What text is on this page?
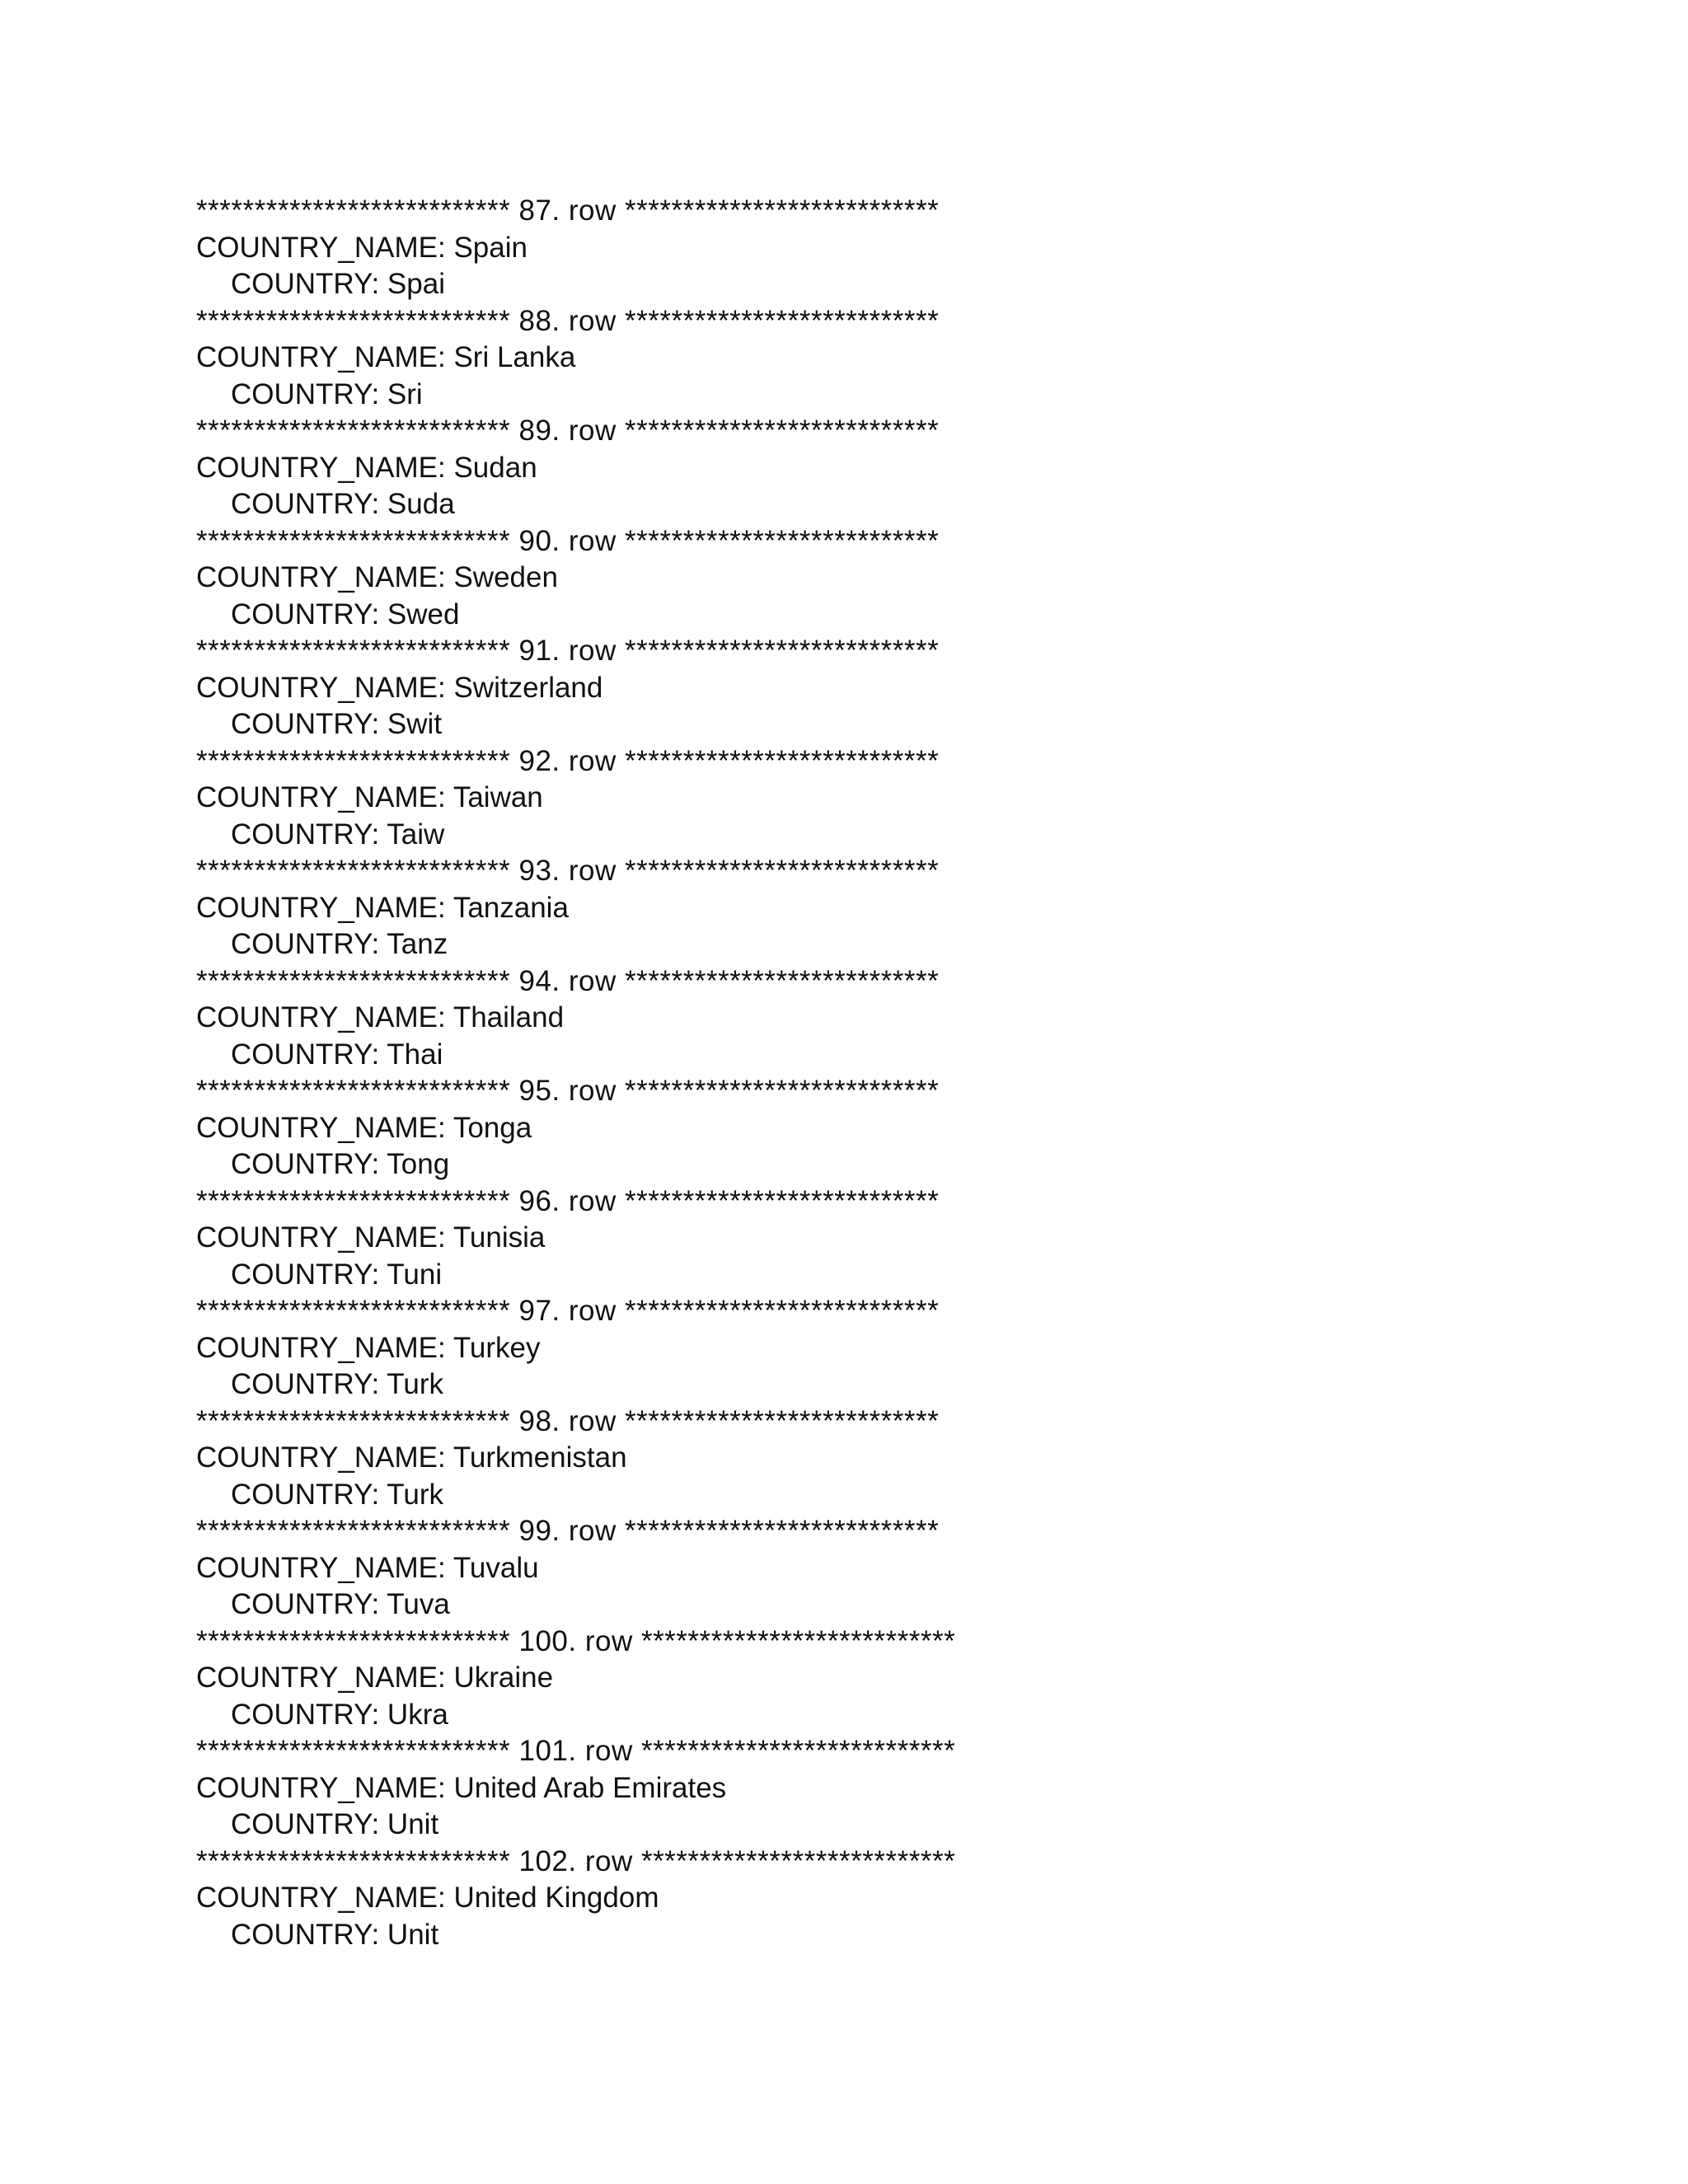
*************************** 87. row ***************************
COUNTRY_NAME: Spain
COUNTRY: Spai
*************************** 88. row ***************************
COUNTRY_NAME: Sri Lanka
COUNTRY: Sri
*************************** 89. row ***************************
COUNTRY_NAME: Sudan
COUNTRY: Suda
*************************** 90. row ***************************
COUNTRY_NAME: Sweden
COUNTRY: Swed
*************************** 91. row ***************************
COUNTRY_NAME: Switzerland
COUNTRY: Swit
*************************** 92. row ***************************
COUNTRY_NAME: Taiwan
COUNTRY: Taiw
*************************** 93. row ***************************
COUNTRY_NAME: Tanzania
COUNTRY: Tanz
*************************** 94. row ***************************
COUNTRY_NAME: Thailand
COUNTRY: Thai
*************************** 95. row ***************************
COUNTRY_NAME: Tonga
COUNTRY: Tong
*************************** 96. row ***************************
COUNTRY_NAME: Tunisia
COUNTRY: Tuni
*************************** 97. row ***************************
COUNTRY_NAME: Turkey
COUNTRY: Turk
*************************** 98. row ***************************
COUNTRY_NAME: Turkmenistan
COUNTRY: Turk
*************************** 99. row ***************************
COUNTRY_NAME: Tuvalu
COUNTRY: Tuva
*************************** 100. row ***************************
COUNTRY_NAME: Ukraine
COUNTRY: Ukra
*************************** 101. row ***************************
COUNTRY_NAME: United Arab Emirates
COUNTRY: Unit
*************************** 102. row ***************************
COUNTRY_NAME: United Kingdom
COUNTRY: Unit
